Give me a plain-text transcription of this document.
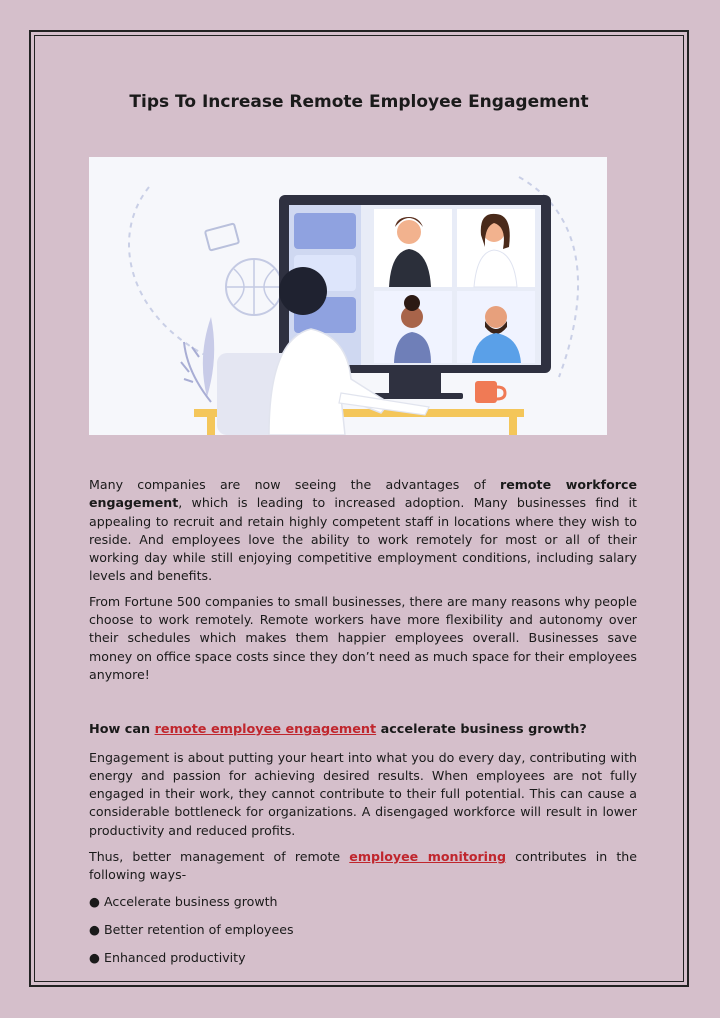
Tips To Increase Remote Employee Engagement

Many companies are now seeing the advantages of remote workforce engagement, which is leading to increased adoption. Many businesses find it appealing to recruit and retain highly competent staff in locations where they wish to reside. And employees love the ability to work remotely for most or all of their working day while still enjoying competitive employment conditions, including salary levels and benefits.

From Fortune 500 companies to small businesses, there are many reasons why people choose to work remotely. Remote workers have more flexibility and autonomy over their schedules which makes them happier employees overall. Businesses save money on office space costs since they don’t need as much space for their employees anymore!

How can remote employee engagement accelerate business growth?

Engagement is about putting your heart into what you do every day, contributing with energy and passion for achieving desired results. When employees are not fully engaged in their work, they cannot contribute to their full potential. This can cause a considerable bottleneck for organizations. A disengaged workforce will result in lower productivity and reduced profits.

Thus, better management of remote employee monitoring contributes in the following ways-

● Accelerate business growth
● Better retention of employees
● Enhanced productivity
